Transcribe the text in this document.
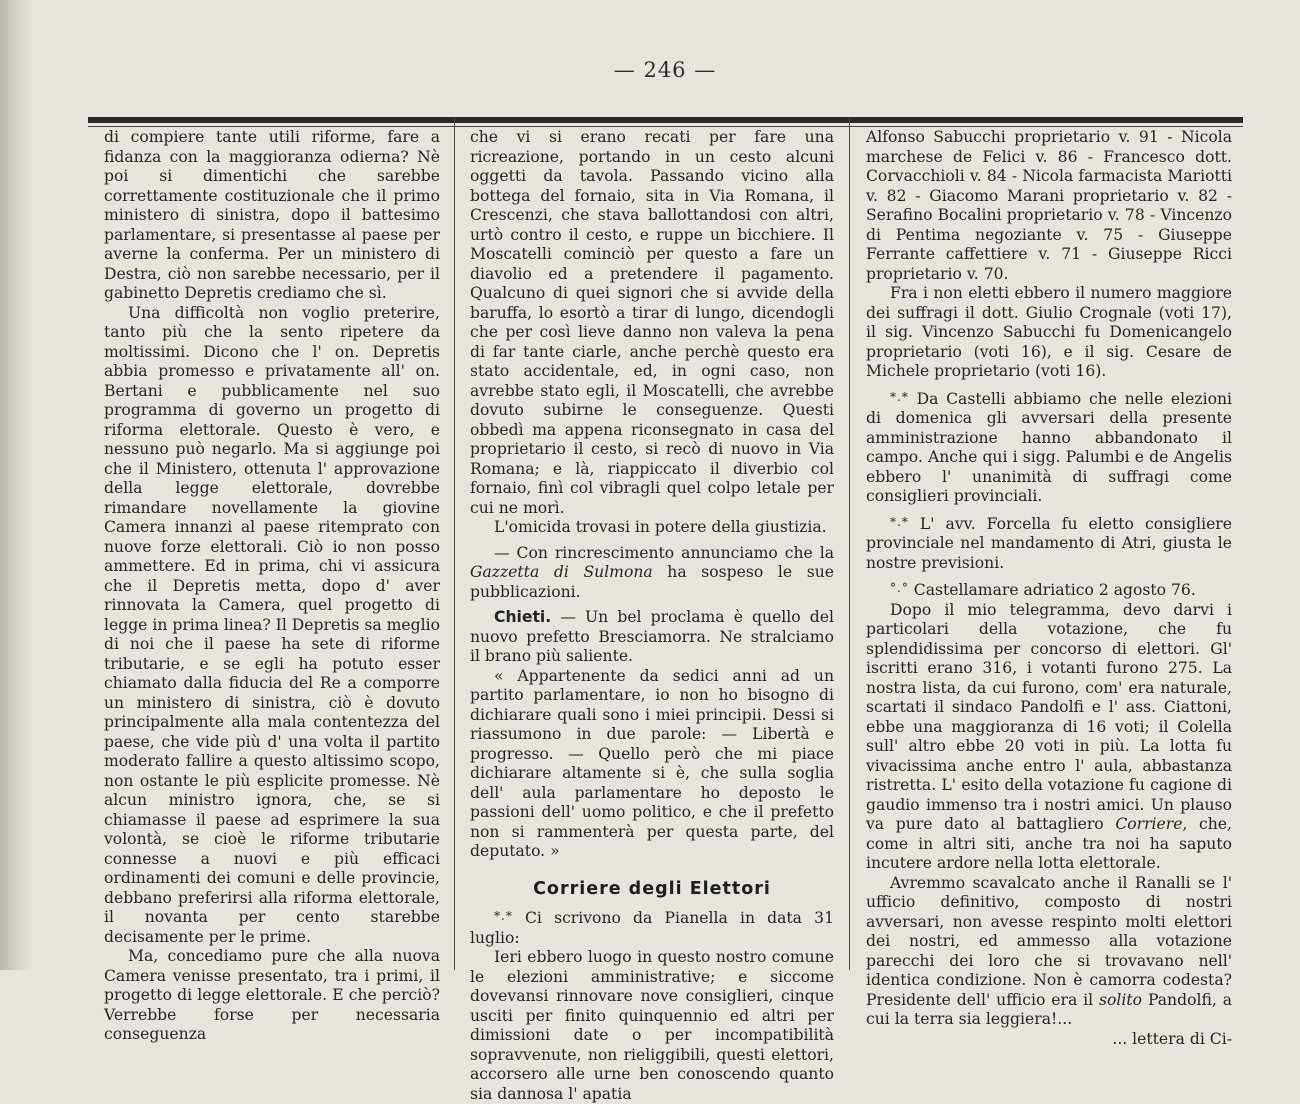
— 246 —

di compiere tante utili riforme, fare a fidanza con la maggioranza odierna? Nè poi si dimentichi che sarebbe correttamente costituzionale che il primo ministero di sinistra, dopo il battesimo parlamentare, si presentasse al paese per averne la conferma. Per un ministero di Destra, ciò non sarebbe necessario, per il gabinetto Depretis crediamo che sì.

Una difficoltà non voglio preterire, tanto più che la sento ripetere da moltissimi. Dicono che l' on. Depretis abbia promesso e privatamente all' on. Bertani e pubblicamente nel suo programma di governo un progetto di riforma elettorale. Questo è vero, e nessuno può negarlo. Ma si aggiunge poi che il Ministero, ottenuta l' approvazione della legge elettorale, dovrebbe rimandare novellamente la giovine Camera innanzi al paese ritemprato con nuove forze elettorali. Ciò io non posso ammettere. Ed in prima, chi vi assicura che il Depretis metta, dopo d' aver rinnovata la Camera, quel progetto di legge in prima linea? Il Depretis sa meglio di noi che il paese ha sete di riforme tributarie, e se egli ha potuto esser chiamato dalla fiducia del Re a comporre un ministero di sinistra, ciò è dovuto principalmente alla mala contentezza del paese, che vide più d' una volta il partito moderato fallire a questo altissimo scopo, non ostante le più esplicite promesse. Nè alcun ministro ignora, che, se si chiamasse il paese ad esprimere la sua volontà, se cioè le riforme tributarie connesse a nuovi e più efficaci ordinamenti dei comuni e delle provincie, debbano preferirsi alla riforma elettorale, il novanta per cento starebbe decisamente per le prime.

Ma, concediamo pure che alla nuova Camera venisse presentato, tra i primi, il progetto di legge elettorale. E che perciò? Verrebbe forse per necessaria conseguenza

che vi si erano recati per fare una ricreazione, portando in un cesto alcuni oggetti da tavola. Passando vicino alla bottega del fornaio, sita in Via Romana, il Crescenzi, che stava ballottandosi con altri, urtò contro il cesto, e ruppe un bicchiere. Il Moscatelli cominciò per questo a fare un diavolio ed a pretendere il pagamento. Qualcuno di quei signori che si avvide della baruffa, lo esortò a tirar di lungo, dicendogli che per così lieve danno non valeva la pena di far tante ciarle, anche perchè questo era stato accidentale, ed, in ogni caso, non avrebbe stato egli, il Moscatelli, che avrebbe dovuto subirne le conseguenze. Questi obbedì ma appena riconsegnato in casa del proprietario il cesto, si recò di nuovo in Via Romana; e là, riappiccato il diverbio col fornaio, finì col vibragli quel colpo letale per cui ne morì.

L'omicida trovasi in potere della giustizia.

— Con rincrescimento annunciamo che la Gazzetta di Sulmona ha sospeso le sue pubblicazioni.

Chieti. — Un bel proclama è quello del nuovo prefetto Bresciamorra. Ne stralciamo il brano più saliente.

« Appartenente da sedici anni ad un partito parlamentare, io non ho bisogno di dichiarare quali sono i miei principii. Dessi si riassumono in due parole: — Libertà e progresso. — Quello però che mi piace dichiarare altamente si è, che sulla soglia dell' aula parlamentare ho deposto le passioni dell' uomo politico, e che il prefetto non si rammenterà per questa parte, del deputato. »

Corriere degli Elettori

*.* Ci scrivono da Pianella in data 31 luglio:

Ieri ebbero luogo in questo nostro comune le elezioni amministrative; e siccome dovevansi rinnovare nove consiglieri, cinque usciti per finito quinquennio ed altri per dimissioni date o per incompatibilità sopravvenute, non rieliggibili, questi elettori, accorsero alle urne ben conoscendo quanto sia dannosa l' apatia

Alfonso Sabucchi proprietario v. 91 - Nicola marchese de Felici v. 86 - Francesco dott. Corvacchioli v. 84 - Nicola farmacista Mariotti v. 82 - Giacomo Marani proprietario v. 82 - Serafino Bocalini proprietario v. 78 - Vincenzo di Pentima negoziante v. 75 - Giuseppe Ferrante caffettiere v. 71 - Giuseppe Ricci proprietario v. 70.

Fra i non eletti ebbero il numero maggiore dei suffragi il dott. Giulio Crognale (voti 17), il sig. Vincenzo Sabucchi fu Domenicangelo proprietario (voti 16), e il sig. Cesare de Michele proprietario (voti 16).

*.* Da Castelli abbiamo che nelle elezioni di domenica gli avversari della presente amministrazione hanno abbandonato il campo. Anche qui i sigg. Palumbi e de Angelis ebbero l' unanimità di suffragi come consiglieri provinciali.

*.* L' avv. Forcella fu eletto consigliere provinciale nel mandamento di Atri, giusta le nostre previsioni.

°.° Castellamare adriatico 2 agosto 76.

Dopo il mio telegramma, devo darvi i particolari della votazione, che fu splendidissima per concorso di elettori. Gl' iscritti erano 316, i votanti furono 275. La nostra lista, da cui furono, com' era naturale, scartati il sindaco Pandolfi e l' ass. Ciattoni, ebbe una maggioranza di 16 voti; il Colella sull' altro ebbe 20 voti in più. La lotta fu vivacissima anche entro l' aula, abbastanza ristretta. L' esito della votazione fu cagione di gaudio immenso tra i nostri amici. Un plauso va pure dato al battagliero Corriere, che, come in altri siti, anche tra noi ha saputo incutere ardore nella lotta elettorale.

Avremmo scavalcato anche il Ranalli se l' ufficio definitivo, composto di nostri avversari, non avesse respinto molti elettori dei nostri, ed ammesso alla votazione parecchi dei loro che si trovavano nell' identica condizione. Non è camorra codesta? Presidente dell' ufficio era il solito Pandolfi, a cui la terra sia leggiera!...

... lettera di Ci-
